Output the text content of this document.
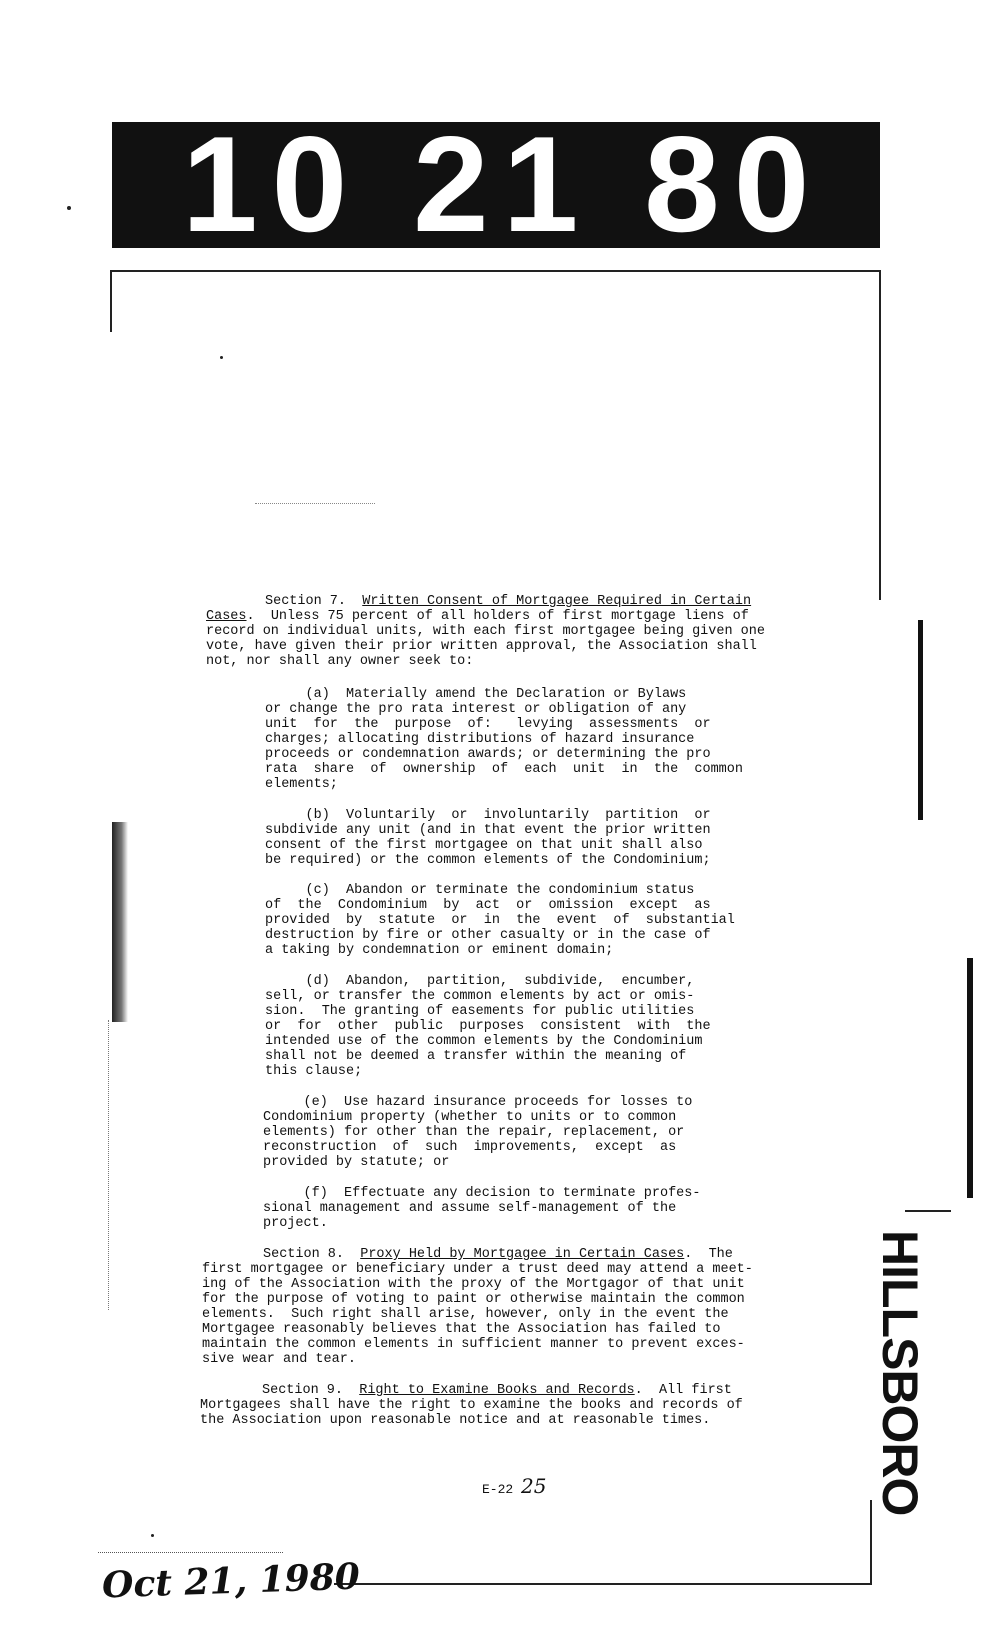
10 21 80
HILLSBORO
Section 7.  Written Consent of Mortgagee Required in Certain
Cases.  Unless 75 percent of all holders of first mortgage liens of
record on individual units, with each first mortgagee being given one
vote, have given their prior written approval, the Association shall
not, nor shall any owner seek to:
(a)  Materially amend the Declaration or Bylaws
or change the pro rata interest or obligation of any
unit  for  the  purpose  of:   levying  assessments  or
charges; allocating distributions of hazard insurance
proceeds or condemnation awards; or determining the pro
rata  share  of  ownership  of  each  unit  in  the  common
elements;
(b)  Voluntarily  or  involuntarily  partition  or
subdivide any unit (and in that event the prior written
consent of the first mortgagee on that unit shall also
be required) or the common elements of the Condominium;
(c)  Abandon or terminate the condominium status
of  the  Condominium  by  act  or  omission  except  as
provided  by  statute  or  in  the  event  of  substantial
destruction by fire or other casualty or in the case of
a taking by condemnation or eminent domain;
(d)  Abandon,  partition,  subdivide,  encumber,
sell, or transfer the common elements by act or omis-
sion.  The granting of easements for public utilities
or  for  other  public  purposes  consistent  with  the
intended use of the common elements by the Condominium
shall not be deemed a transfer within the meaning of
this clause;
(e)  Use hazard insurance proceeds for losses to
Condominium property (whether to units or to common
elements) for other than the repair, replacement, or
reconstruction  of  such  improvements,  except  as
provided by statute; or
(f)  Effectuate any decision to terminate profes-
sional management and assume self-management of the
project.
Section 8.  Proxy Held by Mortgagee in Certain Cases.  The
first mortgagee or beneficiary under a trust deed may attend a meet-
ing of the Association with the proxy of the Mortgagor of that unit
for the purpose of voting to paint or otherwise maintain the common
elements.  Such right shall arise, however, only in the event the
Mortgagee reasonably believes that the Association has failed to
maintain the common elements in sufficient manner to prevent exces-
sive wear and tear.
Section 9.  Right to Examine Books and Records.  All first
Mortgagees shall have the right to examine the books and records of
the Association upon reasonable notice and at reasonable times.
E-22 25
Oct 21, 1980
